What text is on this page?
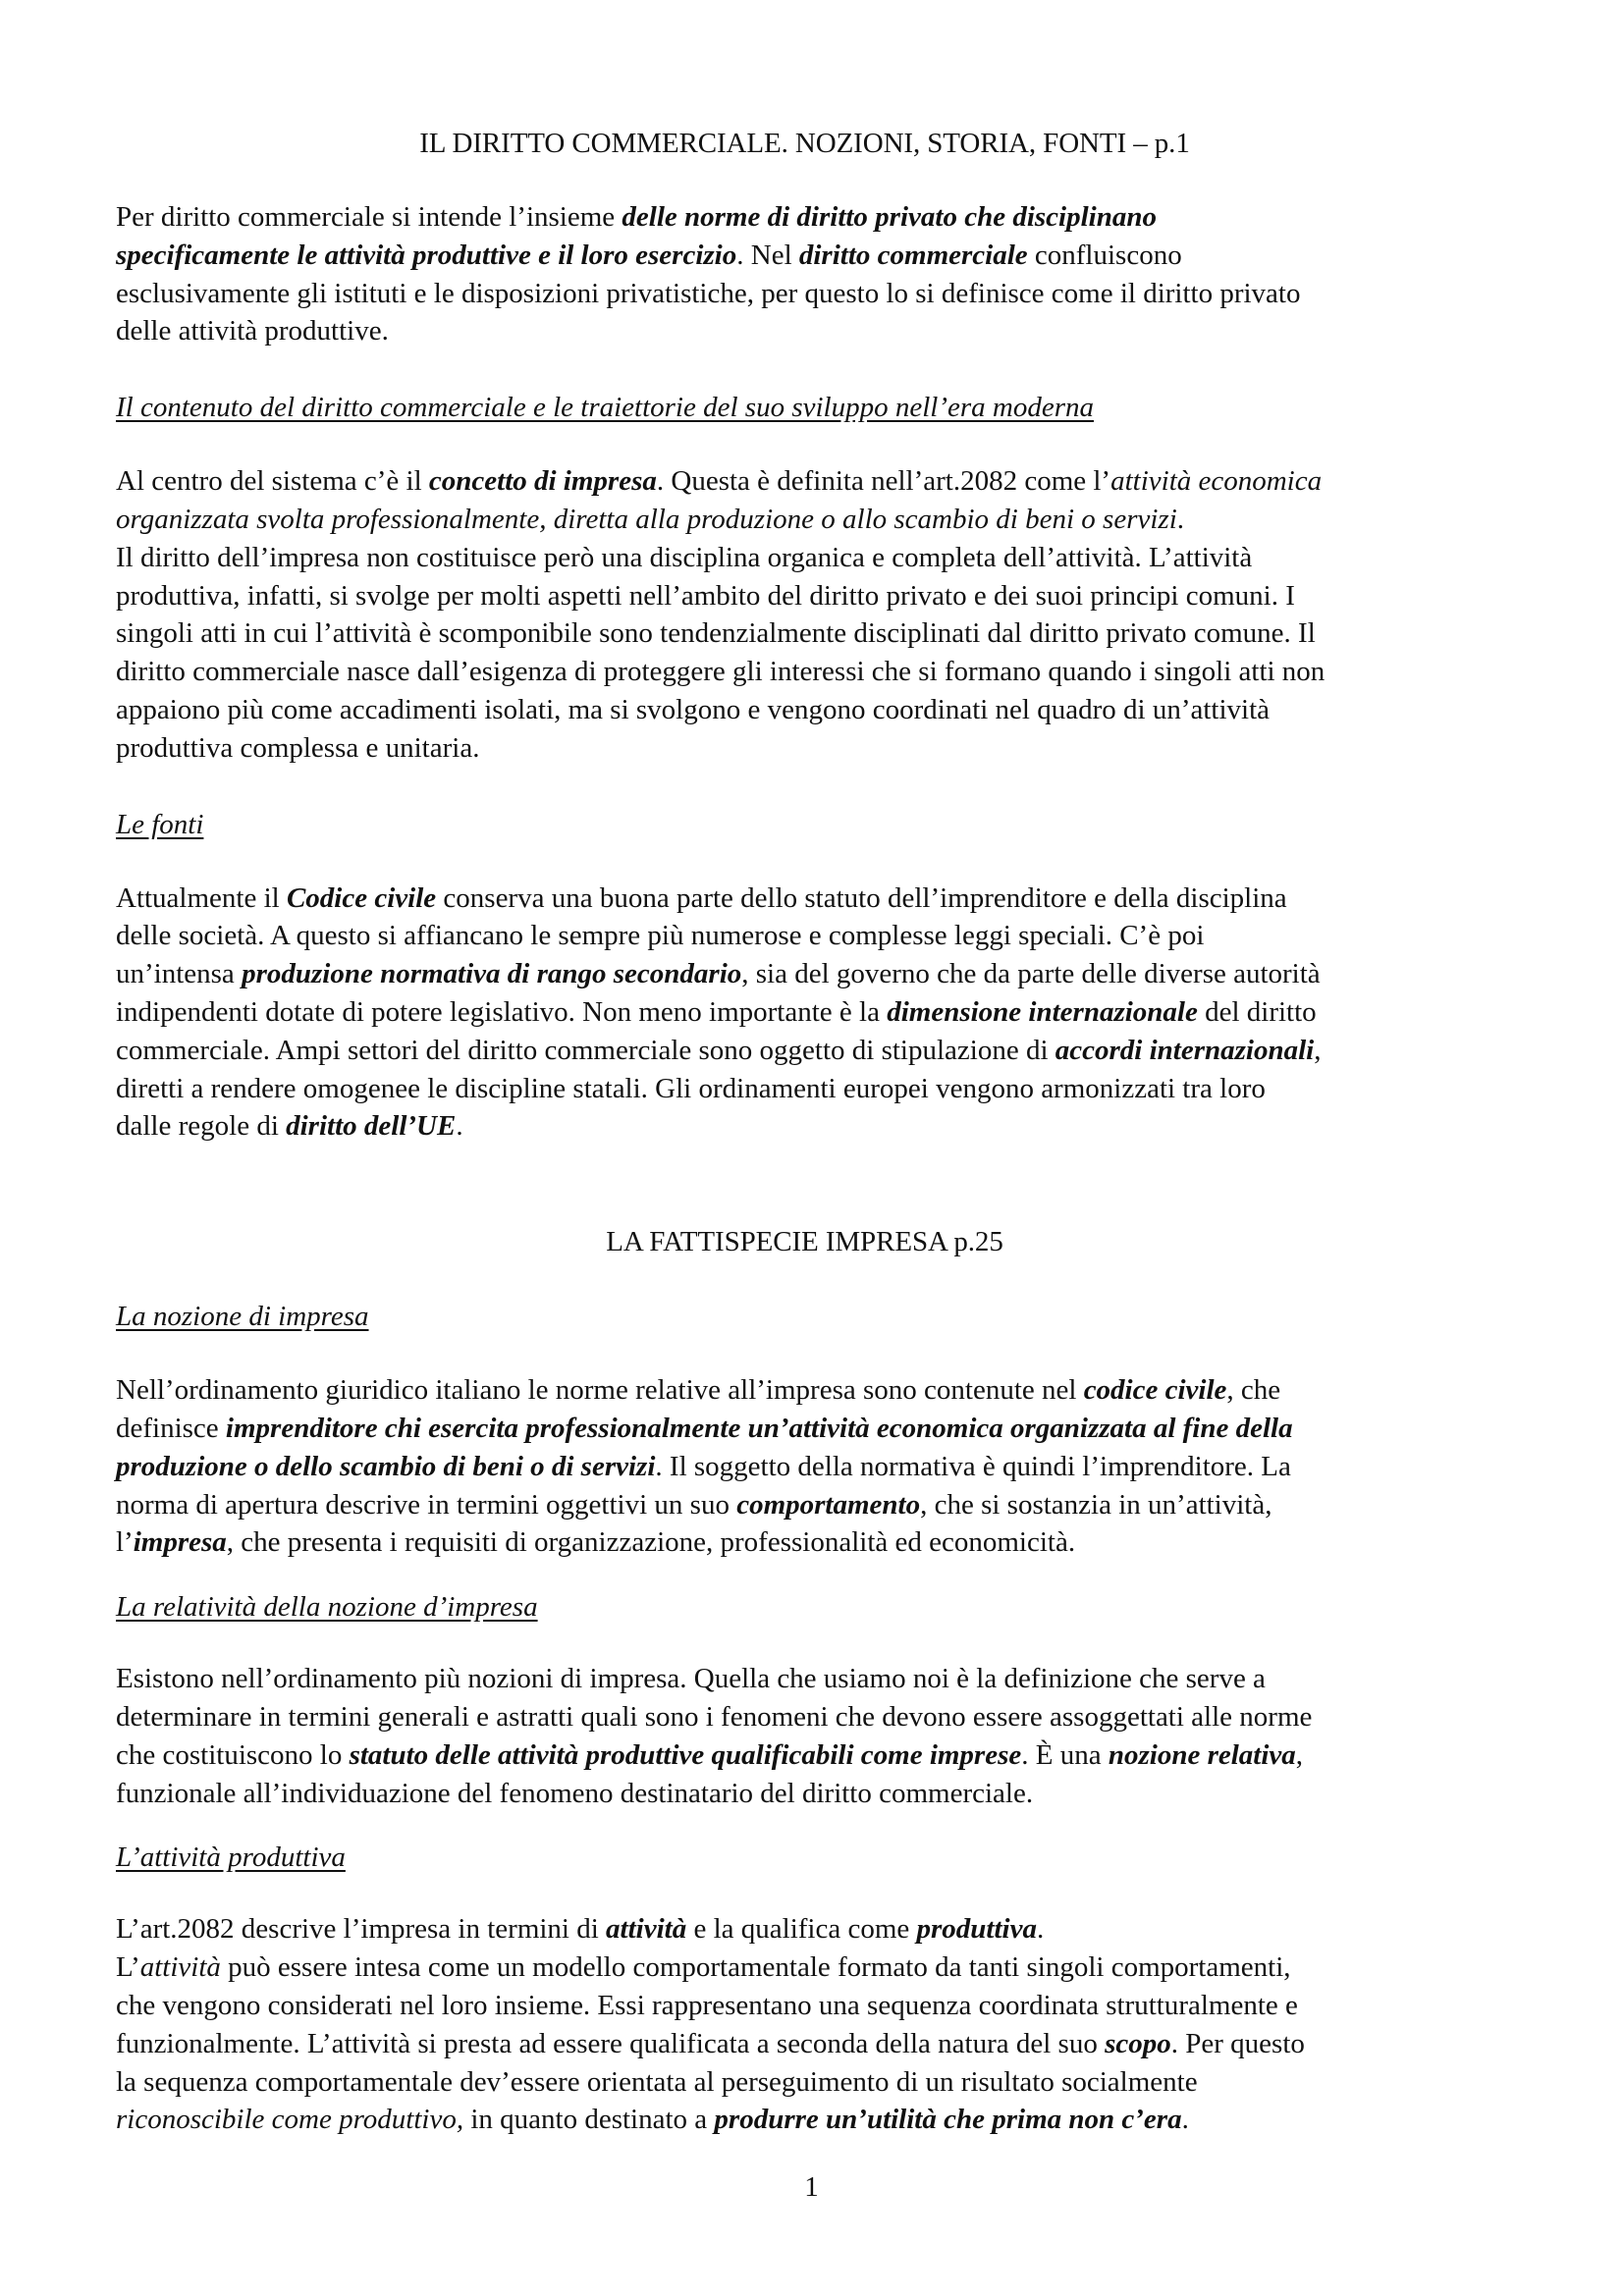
IL DIRITTO COMMERCIALE. NOZIONI, STORIA, FONTI – p.1
Per diritto commerciale si intende l’insieme delle norme di diritto privato che disciplinano
specificamente le attività produttive e il loro esercizio. Nel diritto commerciale confluiscono
esclusivamente gli istituti e le disposizioni privatistiche, per questo lo si definisce come il diritto privato
delle attività produttive.
Il contenuto del diritto commerciale e le traiettorie del suo sviluppo nell’era moderna
Al centro del sistema c’è il concetto di impresa. Questa è definita nell’art.2082 come l’attività economica
organizzata svolta professionalmente, diretta alla produzione o allo scambio di beni o servizi.
Il diritto dell’impresa non costituisce però una disciplina organica e completa dell’attività. L’attività
produttiva, infatti, si svolge per molti aspetti nell’ambito del diritto privato e dei suoi principi comuni. I
singoli atti in cui l’attività è scomponibile sono tendenzialmente disciplinati dal diritto privato comune. Il
diritto commerciale nasce dall’esigenza di proteggere gli interessi che si formano quando i singoli atti non
appaiono più come accadimenti isolati, ma si svolgono e vengono coordinati nel quadro di un’attività
produttiva complessa e unitaria.
Le fonti
Attualmente il Codice civile conserva una buona parte dello statuto dell’imprenditore e della disciplina
delle società. A questo si affiancano le sempre più numerose e complesse leggi speciali. C’è poi
un’intensa produzione normativa di rango secondario, sia del governo che da parte delle diverse autorità
indipendenti dotate di potere legislativo. Non meno importante è la dimensione internazionale del diritto
commerciale. Ampi settori del diritto commerciale sono oggetto di stipulazione di accordi internazionali,
diretti a rendere omogenee le discipline statali. Gli ordinamenti europei vengono armonizzati tra loro
dalle regole di diritto dell’UE.
LA FATTISPECIE IMPRESA p.25
La nozione di impresa
Nell’ordinamento giuridico italiano le norme relative all’impresa sono contenute nel codice civile, che
definisce imprenditore chi esercita professionalmente un’attività economica organizzata al fine della
produzione o dello scambio di beni o di servizi. Il soggetto della normativa è quindi l’imprenditore. La
norma di apertura descrive in termini oggettivi un suo comportamento, che si sostanzia in un’attività,
l’impresa, che presenta i requisiti di organizzazione, professionalità ed economicità.
La relatività della nozione d’impresa
Esistono nell’ordinamento più nozioni di impresa. Quella che usiamo noi è la definizione che serve a
determinare in termini generali e astratti quali sono i fenomeni che devono essere assoggettati alle norme
che costituiscono lo statuto delle attività produttive qualificabili come imprese. È una nozione relativa,
funzionale all’individuazione del fenomeno destinatario del diritto commerciale.
L’attività produttiva
L’art.2082 descrive l’impresa in termini di attività e la qualifica come produttiva.
L’attività può essere intesa come un modello comportamentale formato da tanti singoli comportamenti,
che vengono considerati nel loro insieme. Essi rappresentano una sequenza coordinata strutturalmente e
funzionalmente. L’attività si presta ad essere qualificata a seconda della natura del suo scopo. Per questo
la sequenza comportamentale dev’essere orientata al perseguimento di un risultato socialmente
riconoscibile come produttivo, in quanto destinato a produrre un’utilità che prima non c’era.
1
